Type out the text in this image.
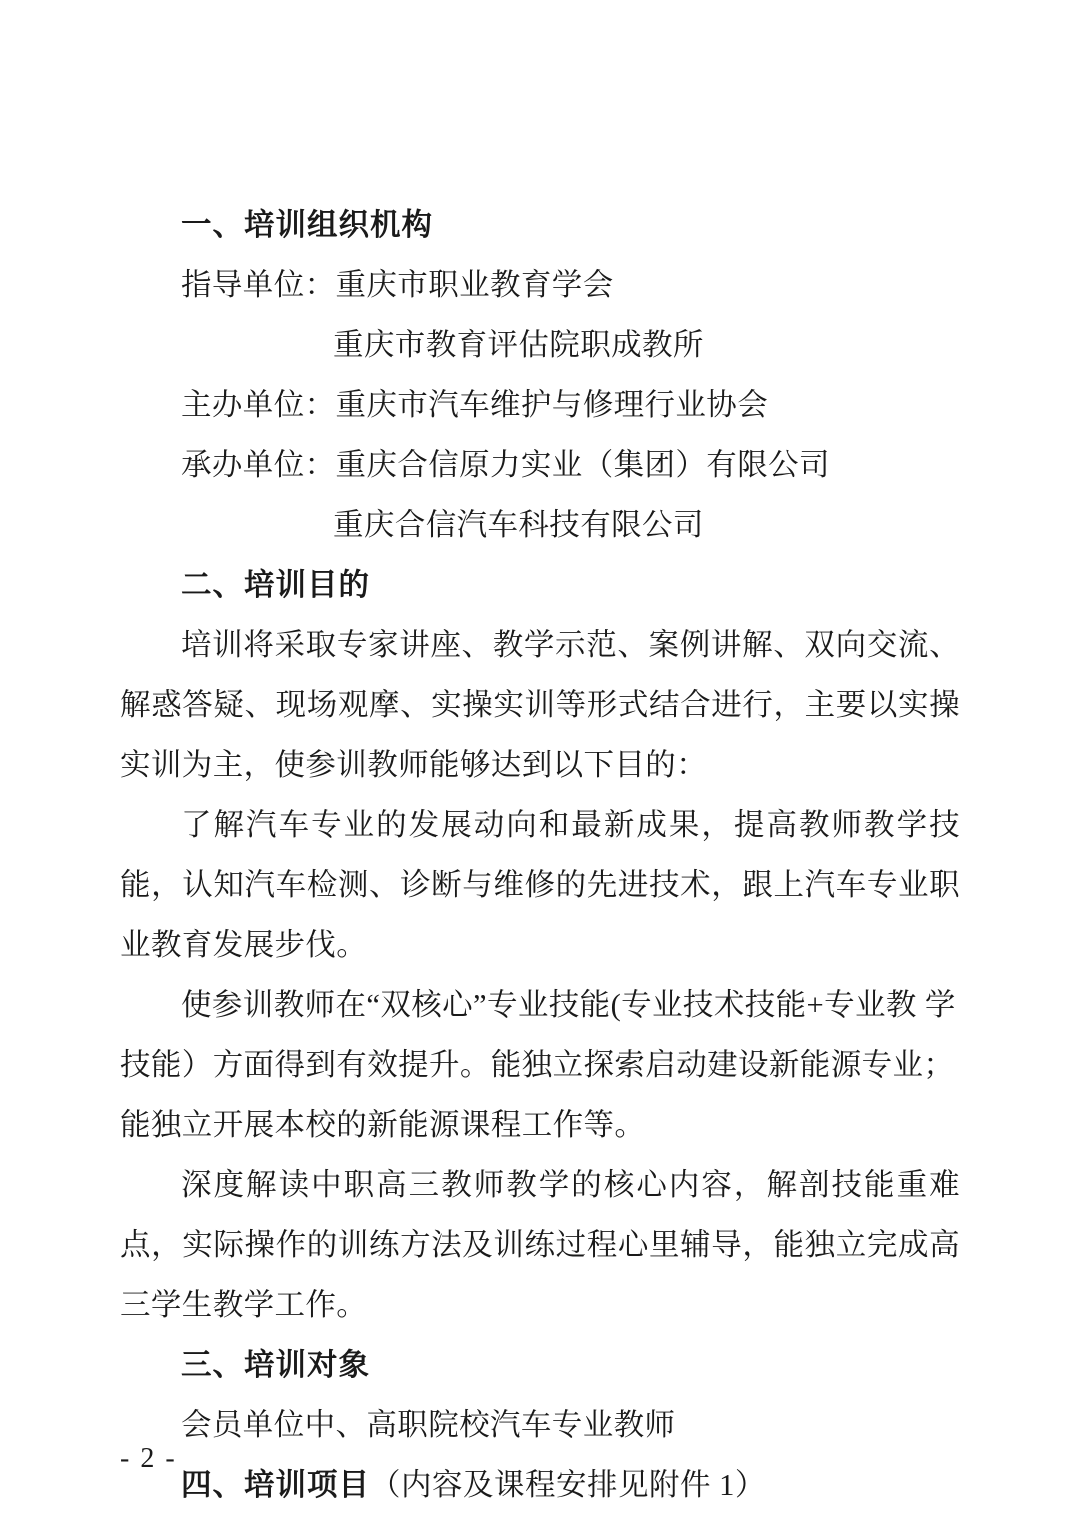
一、培训组织机构
指导单位：重庆市职业教育学会
重庆市教育评估院职成教所
主办单位：重庆市汽车维护与修理行业协会
承办单位：重庆合信原力实业（集团）有限公司
重庆合信汽车科技有限公司
二、培训目的
培训将采取专家讲座、教学示范、案例讲解、双向交流、解惑答疑、现场观摩、实操实训等形式结合进行，主要以实操实训为主，使参训教师能够达到以下目的：
了解汽车专业的发展动向和最新成果，提高教师教学技能，认知汽车检测、诊断与维修的先进技术，跟上汽车专业职业教育发展步伐。
使参训教师在“双核心”专业技能(专业技术技能+专业教 学技能）方面得到有效提升。能独立探索启动建设新能源专业； 能独立开展本校的新能源课程工作等。
深度解读中职高三教师教学的核心内容，解剖技能重难点，实际操作的训练方法及训练过程心里辅导，能独立完成高三学生教学工作。
三、培训对象
会员单位中、高职院校汽车专业教师
四、培训项目（内容及课程安排见附件 1）
- 2 -
